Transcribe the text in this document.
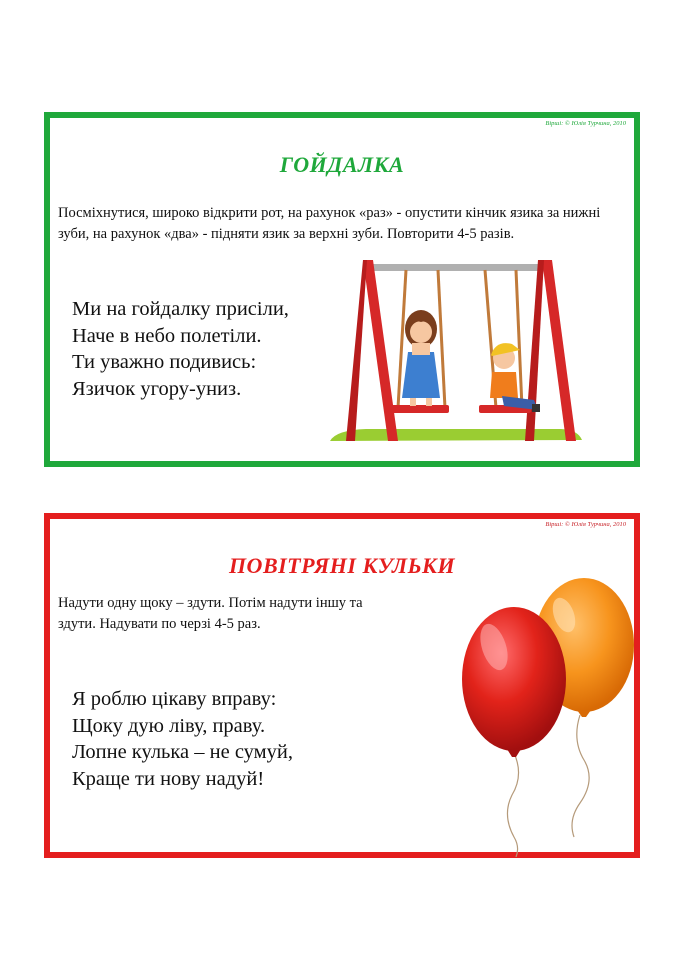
Вірші: © Юлія Турчина, 2010
ГОЙДАЛКА

Посміхнутися, широко відкрити рот, на рахунок «раз» - опустити кінчик язика за нижні зуби, на рахунок «два» - підняти язик за верхні зуби. Повторити 4-5 разів.

Ми на гойдалку присіли,
Наче в небо полетіли.
Ти уважно подивись:
Язичок угору-униз.
Вірші: © Юлія Турчина, 2010
ПОВІТРЯНІ КУЛЬКИ

Надути одну щоку – здути. Потім надути іншу та здути. Надувати по черзі 4-5 раз.

Я роблю цікаву вправу:
Щоку дую ліву, праву.
Лопне кулька – не сумуй,
Краще ти нову надуй!
